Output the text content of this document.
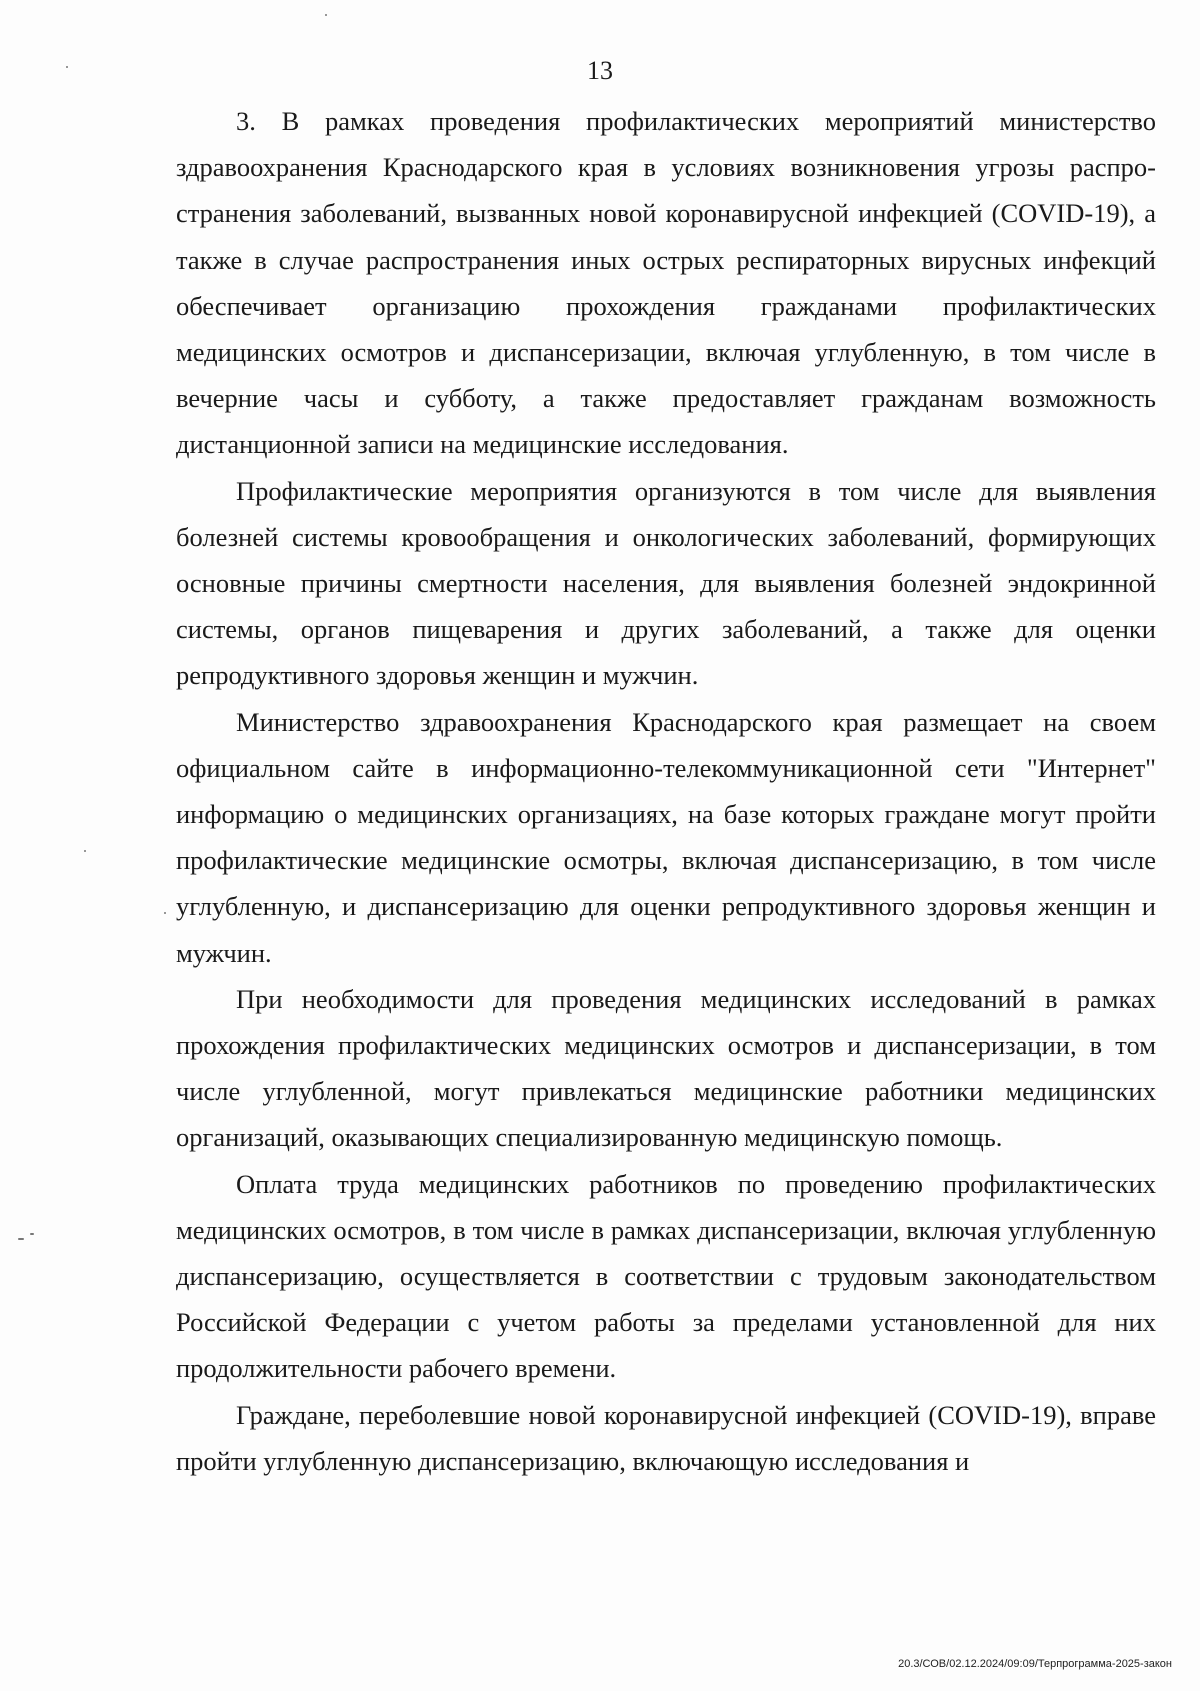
13

3. В рамках проведения профилактических мероприятий министерство здравоохранения Краснодарского края в условиях возникновения угрозы распространения заболеваний, вызванных новой коронавирусной инфекцией (COVID-19), а также в случае распространения иных острых респираторных вирусных инфекций обеспечивает организацию прохождения гражданами профилактических медицинских осмотров и диспансеризации, включая углубленную, в том числе в вечерние часы и субботу, а также предоставляет гражданам возможность дистанционной записи на медицинские исследования.

Профилактические мероприятия организуются в том числе для выявления болезней системы кровообращения и онкологических заболеваний, формирующих основные причины смертности населения, для выявления болезней эндокринной системы, органов пищеварения и других заболеваний, а также для оценки репродуктивного здоровья женщин и мужчин.

Министерство здравоохранения Краснодарского края размещает на своем официальном сайте в информационно-телекоммуникационной сети "Интернет" информацию о медицинских организациях, на базе которых граждане могут пройти профилактические медицинские осмотры, включая диспансеризацию, в том числе углубленную, и диспансеризацию для оценки репродуктивного здоровья женщин и мужчин.

При необходимости для проведения медицинских исследований в рамках прохождения профилактических медицинских осмотров и диспансеризации, в том числе углубленной, могут привлекаться медицинские работники медицинских организаций, оказывающих специализированную медицинскую помощь.

Оплата труда медицинских работников по проведению профилактических медицинских осмотров, в том числе в рамках диспансеризации, включая углубленную диспансеризацию, осуществляется в соответствии с трудовым законодательством Российской Федерации с учетом работы за пределами установленной для них продолжительности рабочего времени.

Граждане, переболевшие новой коронавирусной инфекцией (COVID-19), вправе пройти углубленную диспансеризацию, включающую исследования и

20.3/СОВ/02.12.2024/09:09/Терпрограмма-2025-закон
